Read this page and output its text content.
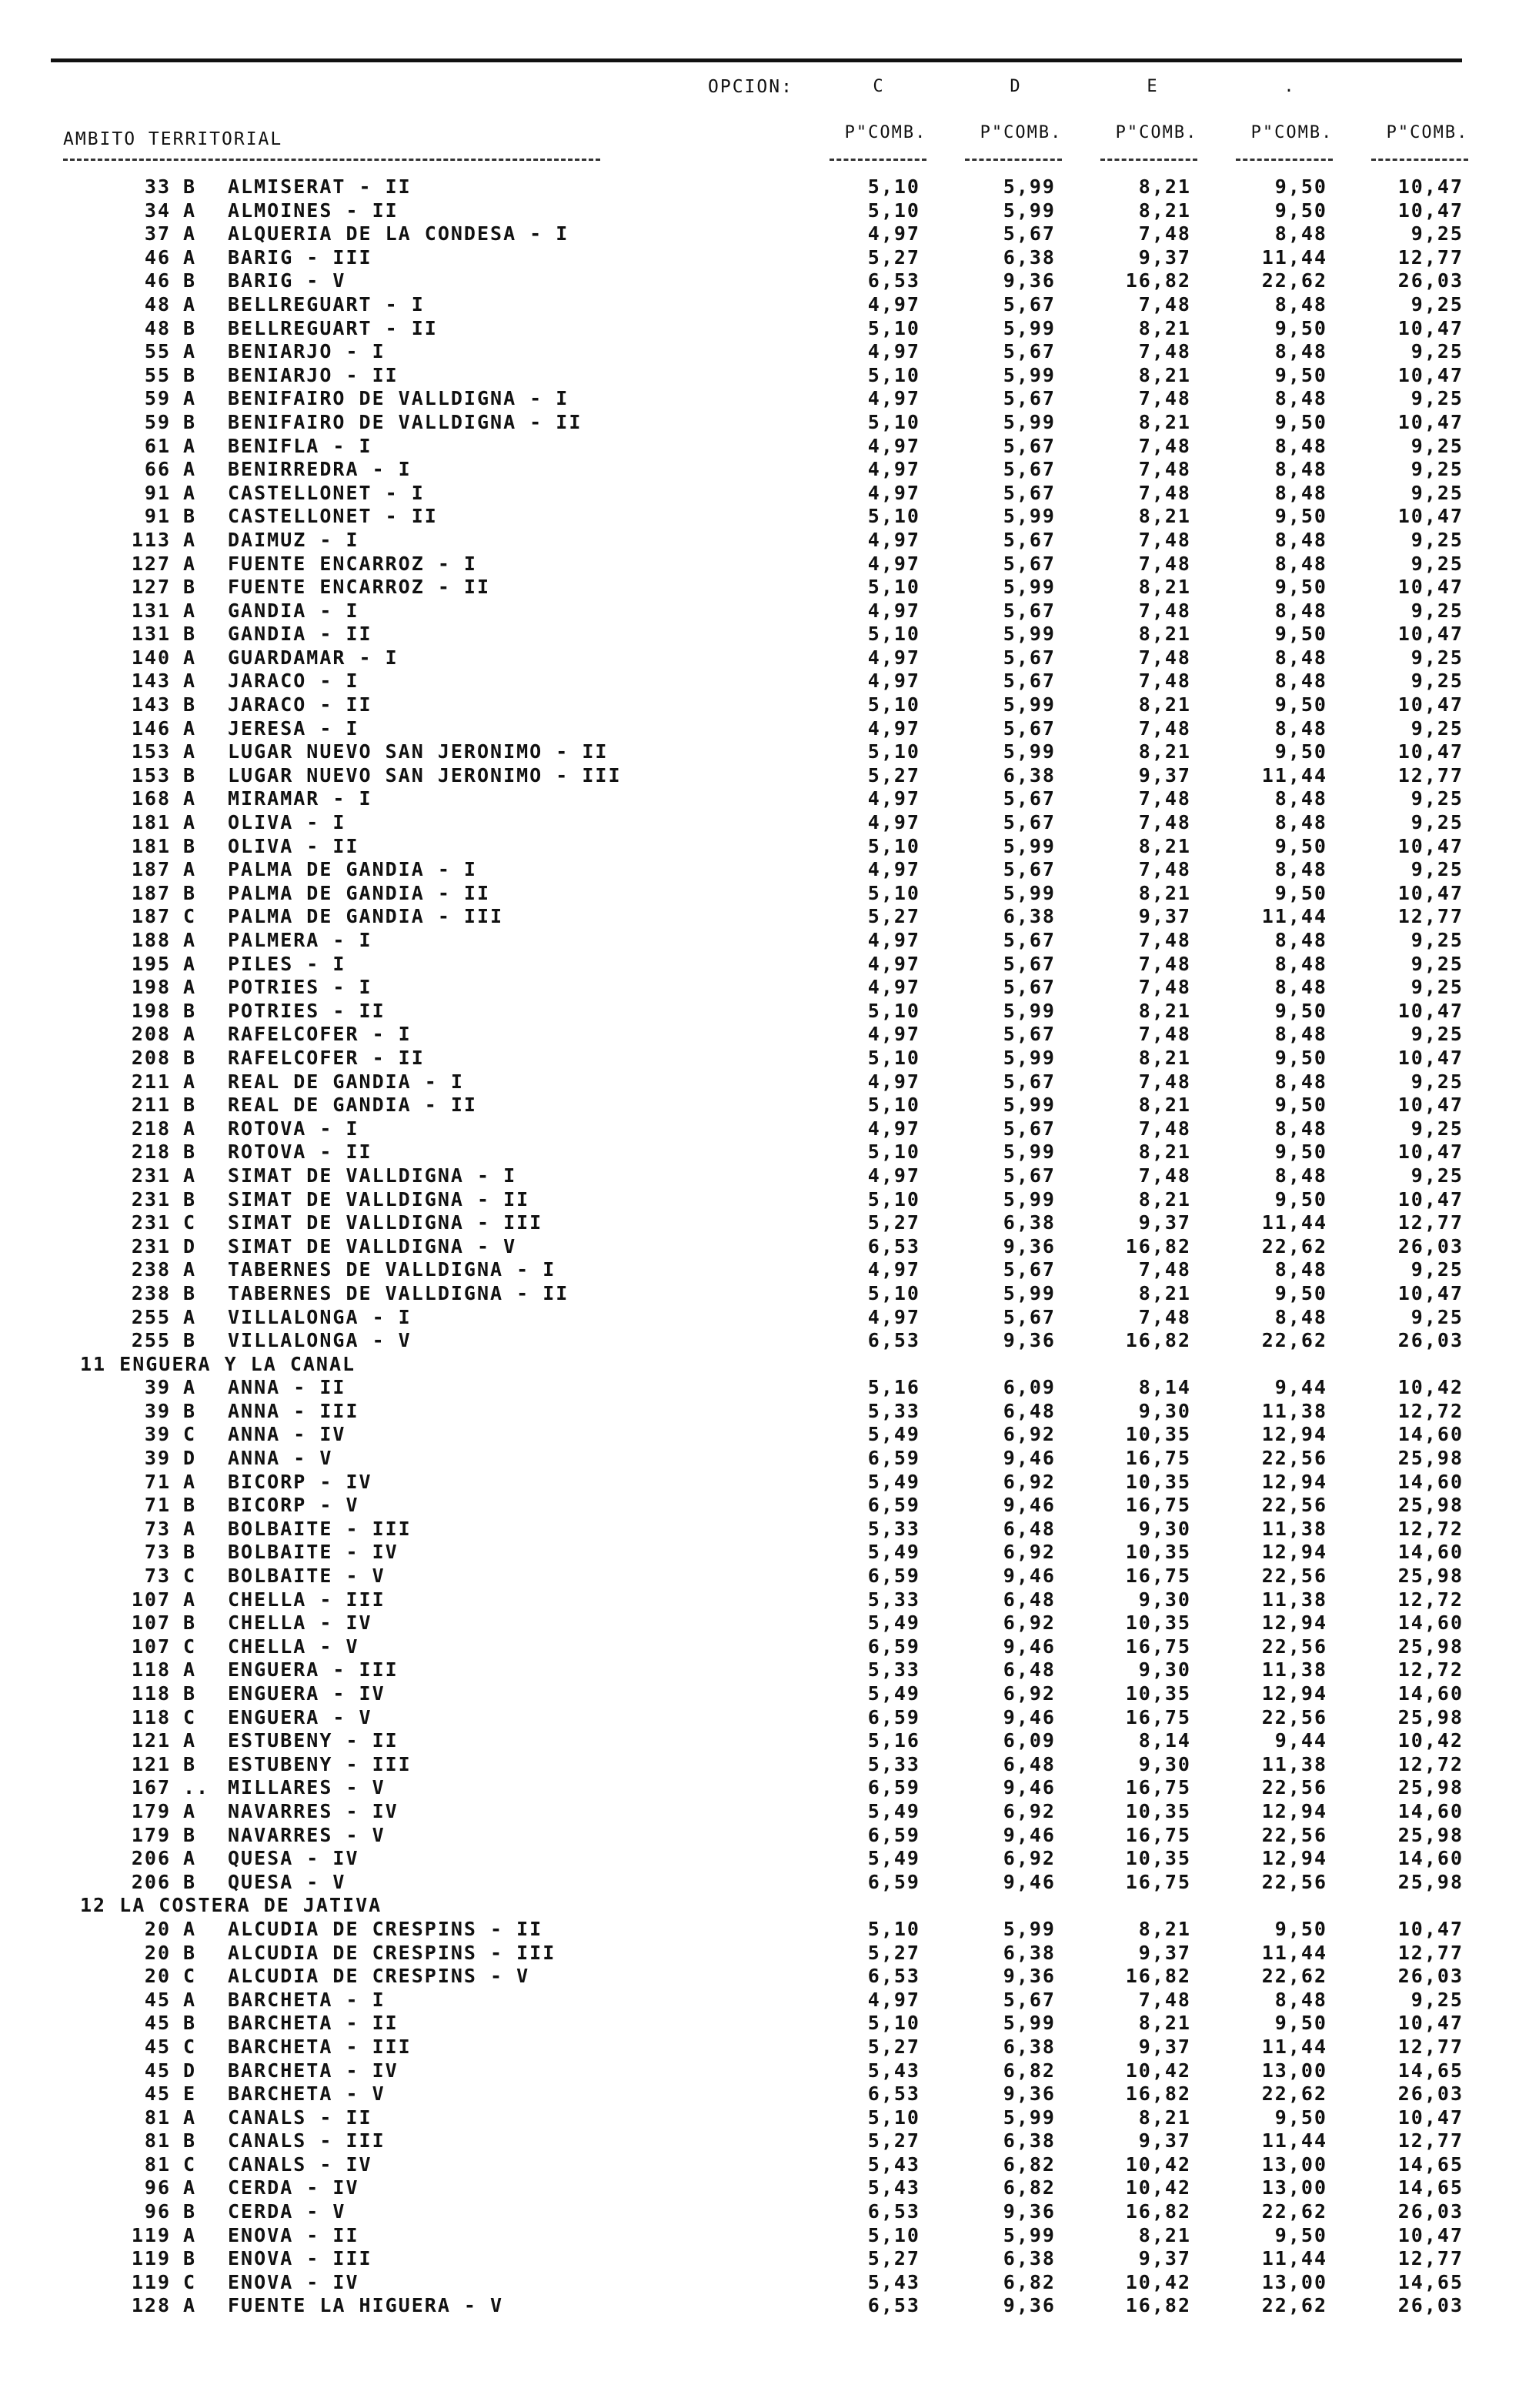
OPCION:	C	D	E	.
AMBITO TERRITORIAL	P"COMB.	P"COMB.	P"COMB.	P"COMB.	P"COMB.
33 B	ALMISERAT - II	5,10	5,99	8,21	9,50	10,47
34 A	ALMOINES - II	5,10	5,99	8,21	9,50	10,47
37 A	ALQUERIA DE LA CONDESA - I	4,97	5,67	7,48	8,48	9,25
46 A	BARIG - III	5,27	6,38	9,37	11,44	12,77
46 B	BARIG - V	6,53	9,36	16,82	22,62	26,03
48 A	BELLREGUART - I	4,97	5,67	7,48	8,48	9,25
48 B	BELLREGUART - II	5,10	5,99	8,21	9,50	10,47
55 A	BENIARJO - I	4,97	5,67	7,48	8,48	9,25
55 B	BENIARJO - II	5,10	5,99	8,21	9,50	10,47
59 A	BENIFAIRO DE VALLDIGNA - I	4,97	5,67	7,48	8,48	9,25
59 B	BENIFAIRO DE VALLDIGNA - II	5,10	5,99	8,21	9,50	10,47
61 A	BENIFLA - I	4,97	5,67	7,48	8,48	9,25
66 A	BENIRREDRA - I	4,97	5,67	7,48	8,48	9,25
91 A	CASTELLONET - I	4,97	5,67	7,48	8,48	9,25
91 B	CASTELLONET - II	5,10	5,99	8,21	9,50	10,47
113 A	DAIMUZ - I	4,97	5,67	7,48	8,48	9,25
127 A	FUENTE ENCARROZ - I	4,97	5,67	7,48	8,48	9,25
127 B	FUENTE ENCARROZ - II	5,10	5,99	8,21	9,50	10,47
131 A	GANDIA - I	4,97	5,67	7,48	8,48	9,25
131 B	GANDIA - II	5,10	5,99	8,21	9,50	10,47
140 A	GUARDAMAR - I	4,97	5,67	7,48	8,48	9,25
143 A	JARACO - I	4,97	5,67	7,48	8,48	9,25
143 B	JARACO - II	5,10	5,99	8,21	9,50	10,47
146 A	JERESA - I	4,97	5,67	7,48	8,48	9,25
153 A	LUGAR NUEVO SAN JERONIMO - II	5,10	5,99	8,21	9,50	10,47
153 B	LUGAR NUEVO SAN JERONIMO - III	5,27	6,38	9,37	11,44	12,77
168 A	MIRAMAR - I	4,97	5,67	7,48	8,48	9,25
181 A	OLIVA - I	4,97	5,67	7,48	8,48	9,25
181 B	OLIVA - II	5,10	5,99	8,21	9,50	10,47
187 A	PALMA DE GANDIA - I	4,97	5,67	7,48	8,48	9,25
187 B	PALMA DE GANDIA - II	5,10	5,99	8,21	9,50	10,47
187 C	PALMA DE GANDIA - III	5,27	6,38	9,37	11,44	12,77
188 A	PALMERA - I	4,97	5,67	7,48	8,48	9,25
195 A	PILES - I	4,97	5,67	7,48	8,48	9,25
198 A	POTRIES - I	4,97	5,67	7,48	8,48	9,25
198 B	POTRIES - II	5,10	5,99	8,21	9,50	10,47
208 A	RAFELCOFER - I	4,97	5,67	7,48	8,48	9,25
208 B	RAFELCOFER - II	5,10	5,99	8,21	9,50	10,47
211 A	REAL DE GANDIA - I	4,97	5,67	7,48	8,48	9,25
211 B	REAL DE GANDIA - II	5,10	5,99	8,21	9,50	10,47
218 A	ROTOVA - I	4,97	5,67	7,48	8,48	9,25
218 B	ROTOVA - II	5,10	5,99	8,21	9,50	10,47
231 A	SIMAT DE VALLDIGNA - I	4,97	5,67	7,48	8,48	9,25
231 B	SIMAT DE VALLDIGNA - II	5,10	5,99	8,21	9,50	10,47
231 C	SIMAT DE VALLDIGNA - III	5,27	6,38	9,37	11,44	12,77
231 D	SIMAT DE VALLDIGNA - V	6,53	9,36	16,82	22,62	26,03
238 A	TABERNES DE VALLDIGNA - I	4,97	5,67	7,48	8,48	9,25
238 B	TABERNES DE VALLDIGNA - II	5,10	5,99	8,21	9,50	10,47
255 A	VILLALONGA - I	4,97	5,67	7,48	8,48	9,25
255 B	VILLALONGA - V	6,53	9,36	16,82	22,62	26,03
11 ENGUERA Y LA CANAL
39 A	ANNA - II	5,16	6,09	8,14	9,44	10,42
39 B	ANNA - III	5,33	6,48	9,30	11,38	12,72
39 C	ANNA - IV	5,49	6,92	10,35	12,94	14,60
39 D	ANNA - V	6,59	9,46	16,75	22,56	25,98
71 A	BICORP - IV	5,49	6,92	10,35	12,94	14,60
71 B	BICORP - V	6,59	9,46	16,75	22,56	25,98
73 A	BOLBAITE - III	5,33	6,48	9,30	11,38	12,72
73 B	BOLBAITE - IV	5,49	6,92	10,35	12,94	14,60
73 C	BOLBAITE - V	6,59	9,46	16,75	22,56	25,98
107 A	CHELLA - III	5,33	6,48	9,30	11,38	12,72
107 B	CHELLA - IV	5,49	6,92	10,35	12,94	14,60
107 C	CHELLA - V	6,59	9,46	16,75	22,56	25,98
118 A	ENGUERA - III	5,33	6,48	9,30	11,38	12,72
118 B	ENGUERA - IV	5,49	6,92	10,35	12,94	14,60
118 C	ENGUERA - V	6,59	9,46	16,75	22,56	25,98
121 A	ESTUBENY - II	5,16	6,09	8,14	9,44	10,42
121 B	ESTUBENY - III	5,33	6,48	9,30	11,38	12,72
167 .. MILLARES - V	6,59	9,46	16,75	22,56	25,98
179 A	NAVARRES - IV	5,49	6,92	10,35	12,94	14,60
179 B	NAVARRES - V	6,59	9,46	16,75	22,56	25,98
206 A	QUESA - IV	5,49	6,92	10,35	12,94	14,60
206 B	QUESA - V	6,59	9,46	16,75	22,56	25,98
12 LA COSTERA DE JATIVA
20 A	ALCUDIA DE CRESPINS - II	5,10	5,99	8,21	9,50	10,47
20 B	ALCUDIA DE CRESPINS - III	5,27	6,38	9,37	11,44	12,77
20 C	ALCUDIA DE CRESPINS - V	6,53	9,36	16,82	22,62	26,03
45 A	BARCHETA - I	4,97	5,67	7,48	8,48	9,25
45 B	BARCHETA - II	5,10	5,99	8,21	9,50	10,47
45 C	BARCHETA - III	5,27	6,38	9,37	11,44	12,77
45 D	BARCHETA - IV	5,43	6,82	10,42	13,00	14,65
45 E	BARCHETA - V	6,53	9,36	16,82	22,62	26,03
81 A	CANALS - II	5,10	5,99	8,21	9,50	10,47
81 B	CANALS - III	5,27	6,38	9,37	11,44	12,77
81 C	CANALS - IV	5,43	6,82	10,42	13,00	14,65
96 A	CERDA - IV	5,43	6,82	10,42	13,00	14,65
96 B	CERDA - V	6,53	9,36	16,82	22,62	26,03
119 A	ENOVA - II	5,10	5,99	8,21	9,50	10,47
119 B	ENOVA - III	5,27	6,38	9,37	11,44	12,77
119 C	ENOVA - IV	5,43	6,82	10,42	13,00	14,65
128 A	FUENTE LA HIGUERA - V	6,53	9,36	16,82	22,62	26,03
